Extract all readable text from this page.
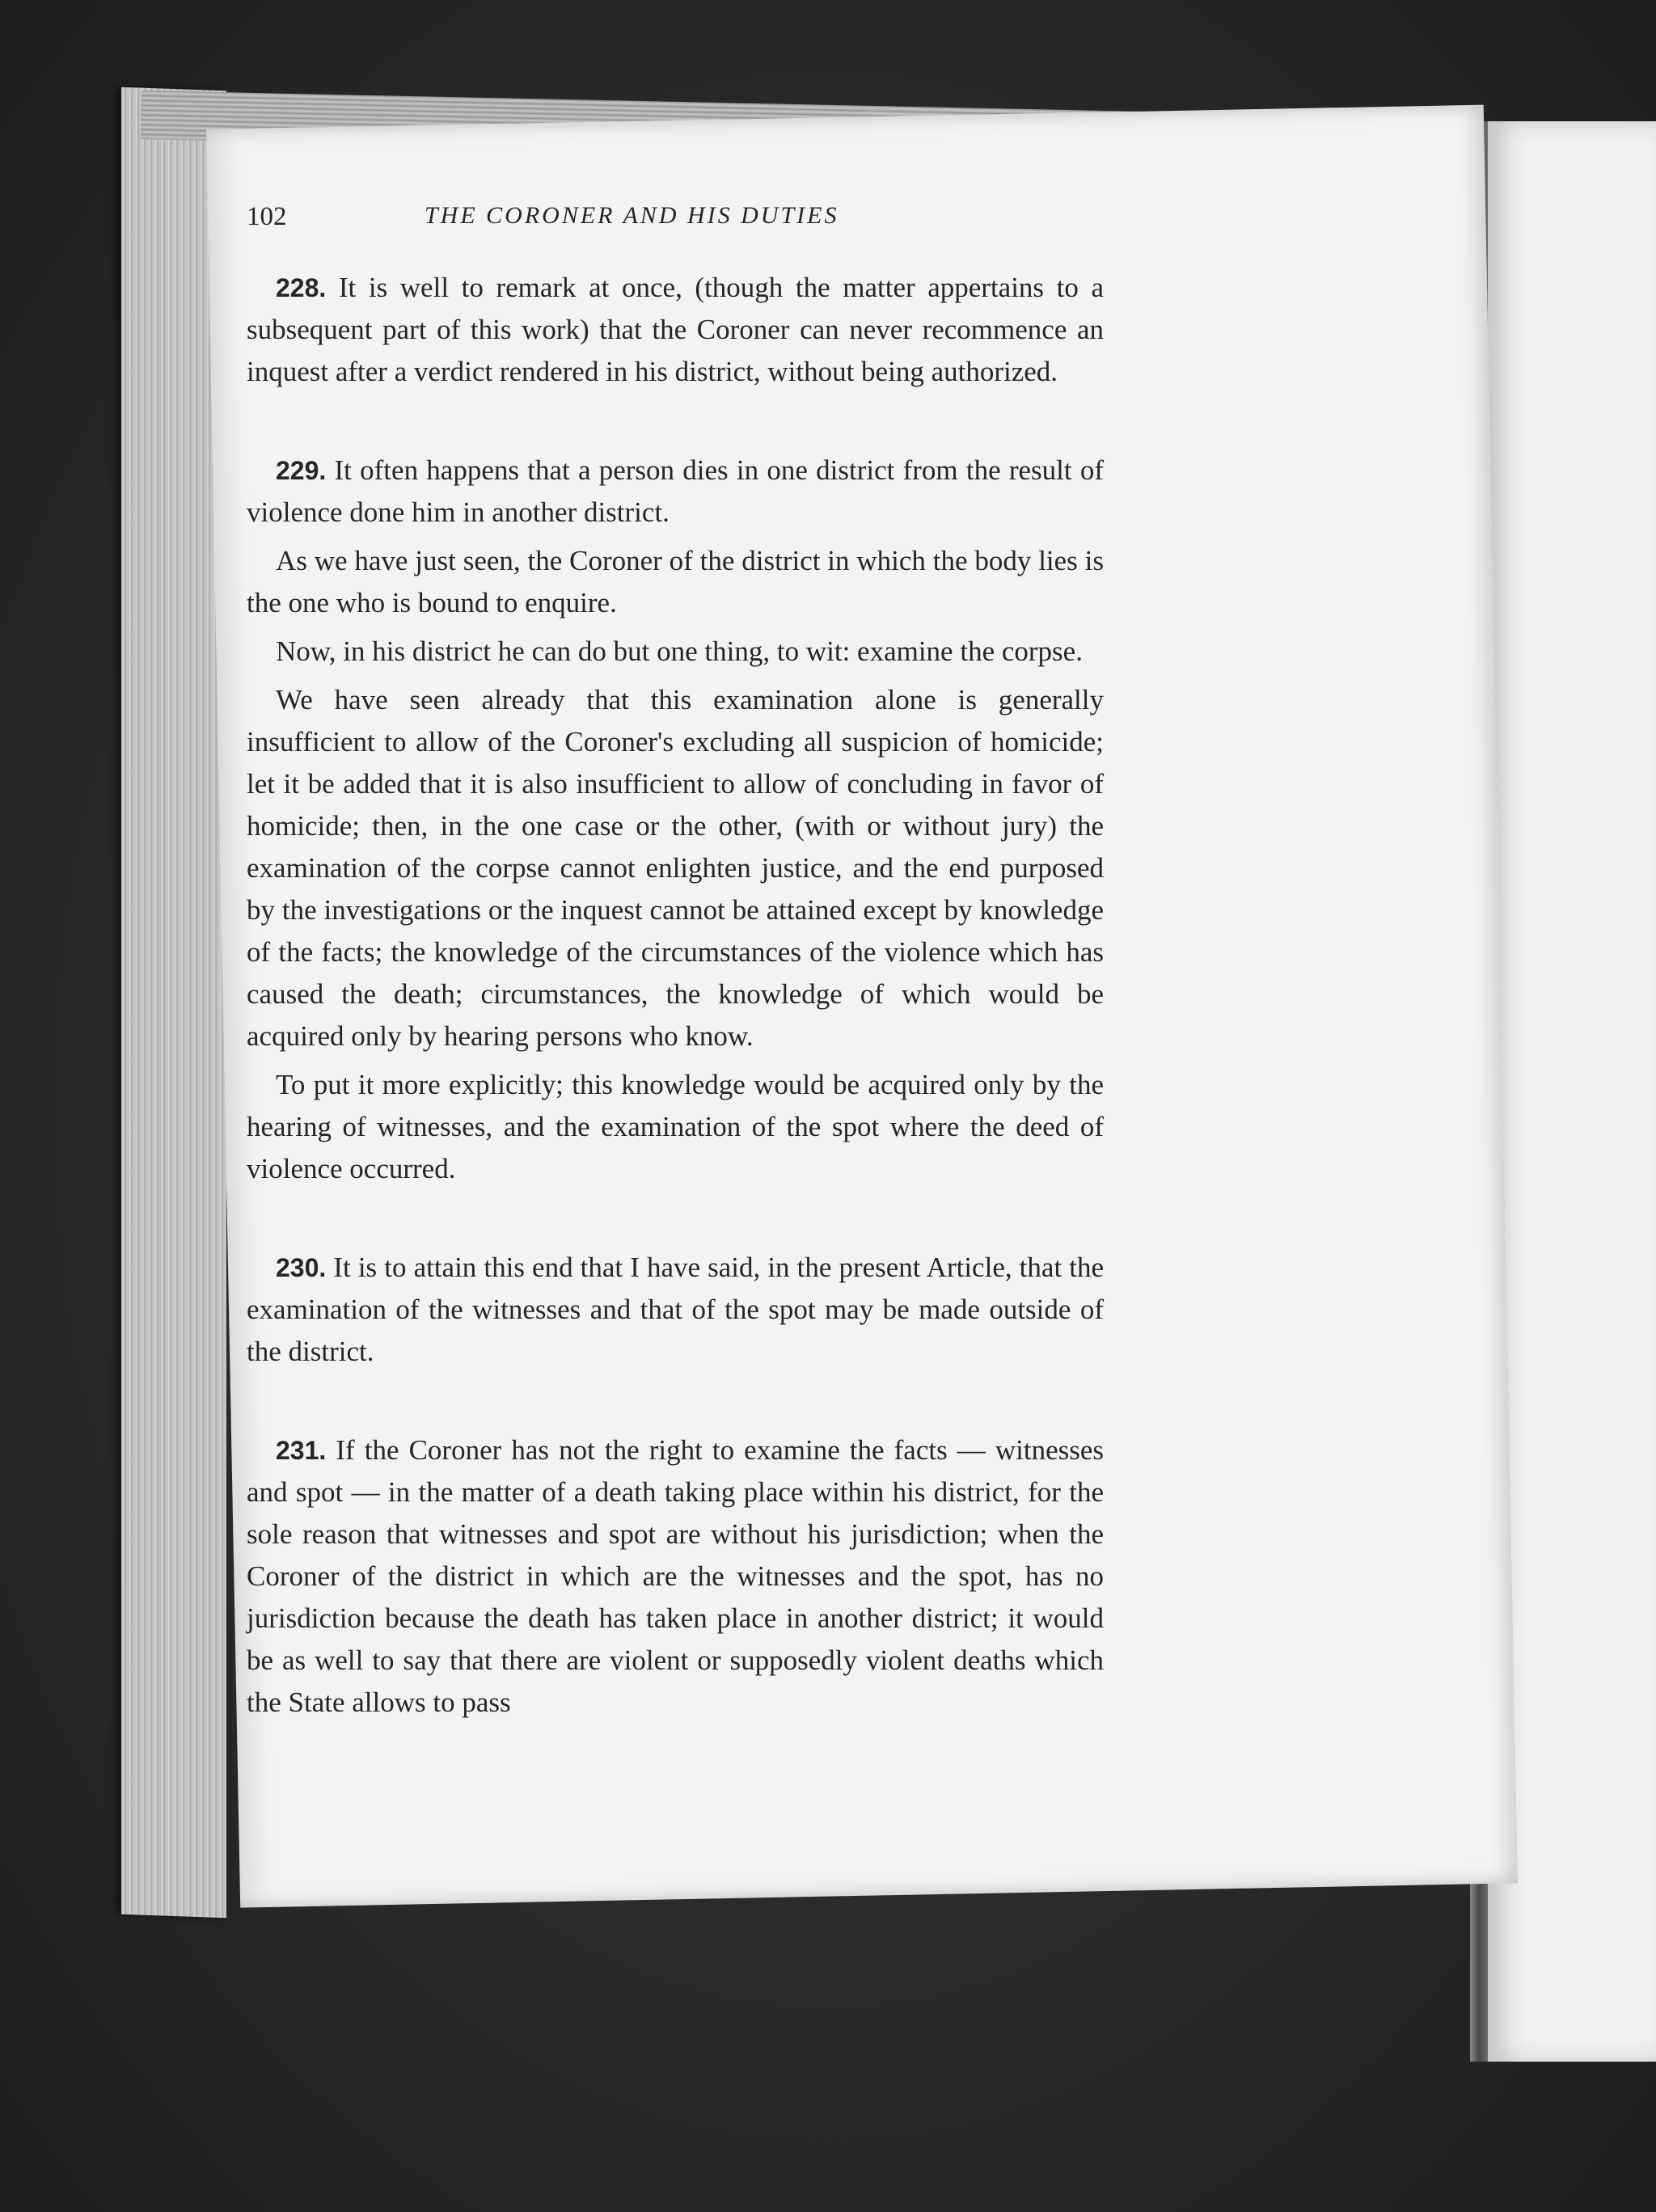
102	THE CORONER AND HIS DUTIES

228. It is well to remark at once, (though the matter appertains to a subsequent part of this work) that the Coroner can never recommence an inquest after a verdict rendered in his district, without being authorized.

229. It often happens that a person dies in one district from the result of violence done him in another district.

As we have just seen, the Coroner of the district in which the body lies is the one who is bound to enquire.

Now, in his district he can do but one thing, to wit: examine the corpse.

We have seen already that this examination alone is generally insufficient to allow of the Coroner's excluding all suspicion of homicide; let it be added that it is also insufficient to allow of concluding in favor of homicide; then, in the one case or the other, (with or without jury) the examination of the corpse cannot enlighten justice, and the end purposed by the investigations or the inquest cannot be attained except by knowledge of the facts; the knowledge of the circumstances of the violence which has caused the death; circumstances, the knowledge of which would be acquired only by hearing persons who know.

To put it more explicitly; this knowledge would be acquired only by the hearing of witnesses, and the examination of the spot where the deed of violence occurred.

230. It is to attain this end that I have said, in the present Article, that the examination of the witnesses and that of the spot may be made outside of the district.

231. If the Coroner has not the right to examine the facts — witnesses and spot — in the matter of a death taking place within his district, for the sole reason that witnesses and spot are without his jurisdiction; when the Coroner of the district in which are the witnesses and the spot, has no jurisdiction because the death has taken place in another district; it would be as well to say that there are violent or supposedly violent deaths which the State allows to pass
